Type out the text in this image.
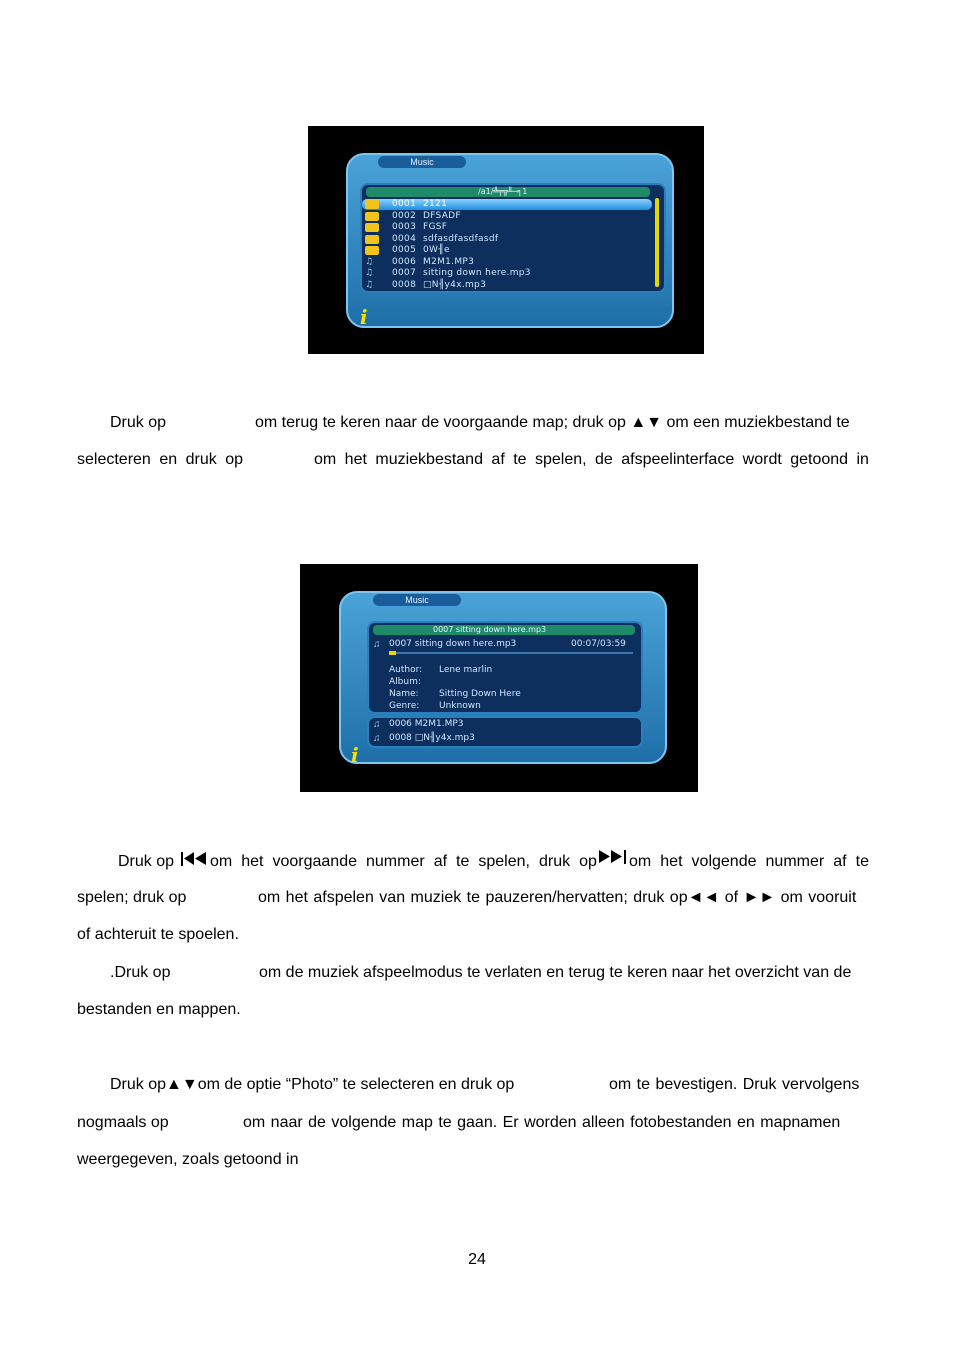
Music
/a1/╩╤╦╨─╕1
0001 2121
0002 DFSADF
0003 FGSF
0004 sdfasdfasdfasdf
0005 0W╢e
♫	0006 M2M1.MP3
♫	0007 sitting down here.mp3
♫	0008 □N╢y4x.mp3
i
Druk op	om terug te keren naar de voorgaande map; druk op ▲▼ om een muziekbestand te
selecteren en druk op	om het muziekbestand af te spelen, de afspeelinterface wordt getoond in
Music
0007 sitting down here.mp3
♫ 0007 sitting down here.mp3	00:07/03:59
Author: Lene marlin
Album:
Name: Sitting Down Here
Genre: Unknown
♫ 0006 M2M1.MP3
♫ 0008 □N╢y4x.mp3
i
Druk op om het voorgaande nummer af te spelen, druk op om het volgende nummer af te
spelen; druk op	om het afspelen van muziek te pauzeren/hervatten; druk op◄◄ of ►► om vooruit
of achteruit te spoelen.
.Druk op	om de muziek afspeelmodus te verlaten en terug te keren naar het overzicht van de
bestanden en mappen.
Druk op▲▼om de optie “Photo” te selecteren en druk op	om te bevestigen. Druk vervolgens
nogmaals op	om naar de volgende map te gaan. Er worden alleen fotobestanden en mapnamen
weergegeven, zoals getoond in
24
